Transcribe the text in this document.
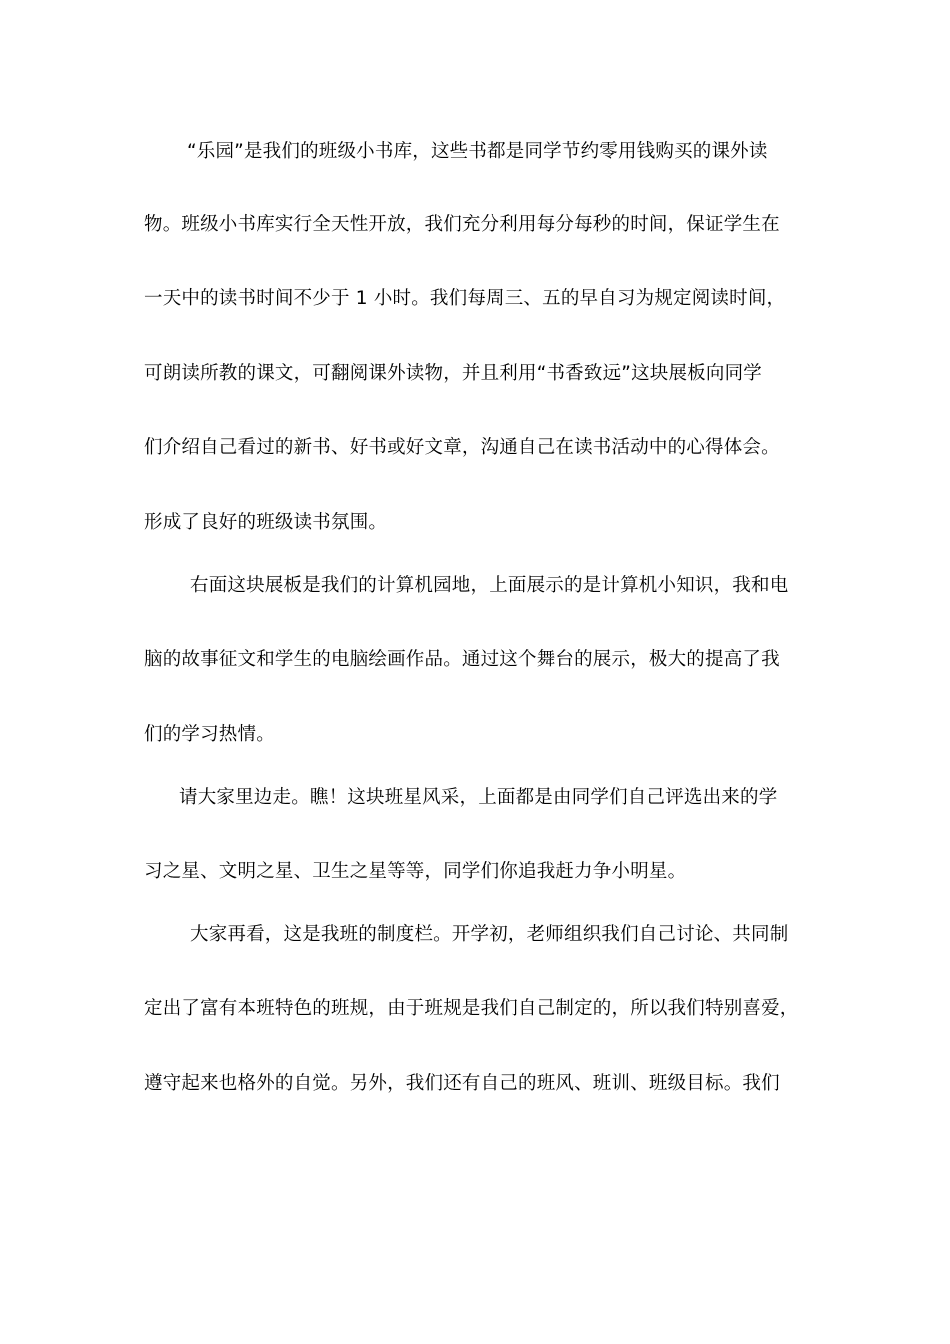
“乐园”是我们的班级小书库，这些书都是同学节约零用钱购买的课外读
物。班级小书库实行全天性开放，我们充分利用每分每秒的时间，保证学生在
一天中的读书时间不少于 1 小时。我们每周三、五的早自习为规定阅读时间，
可朗读所教的课文，可翻阅课外读物，并且利用“书香致远”这块展板向同学
们介绍自己看过的新书、好书或好文章，沟通自己在读书活动中的心得体会。
形成了良好的班级读书氛围。
右面这块展板是我们的计算机园地，上面展示的是计算机小知识，我和电
脑的故事征文和学生的电脑绘画作品。通过这个舞台的展示，极大的提高了我
们的学习热情。
请大家里边走。瞧！这块班星风采，上面都是由同学们自己评选出来的学
习之星、文明之星、卫生之星等等，同学们你追我赶力争小明星。
大家再看，这是我班的制度栏。开学初，老师组织我们自己讨论、共同制
定出了富有本班特色的班规，由于班规是我们自己制定的，所以我们特别喜爱，
遵守起来也格外的自觉。另外，我们还有自己的班风、班训、班级目标。我们
